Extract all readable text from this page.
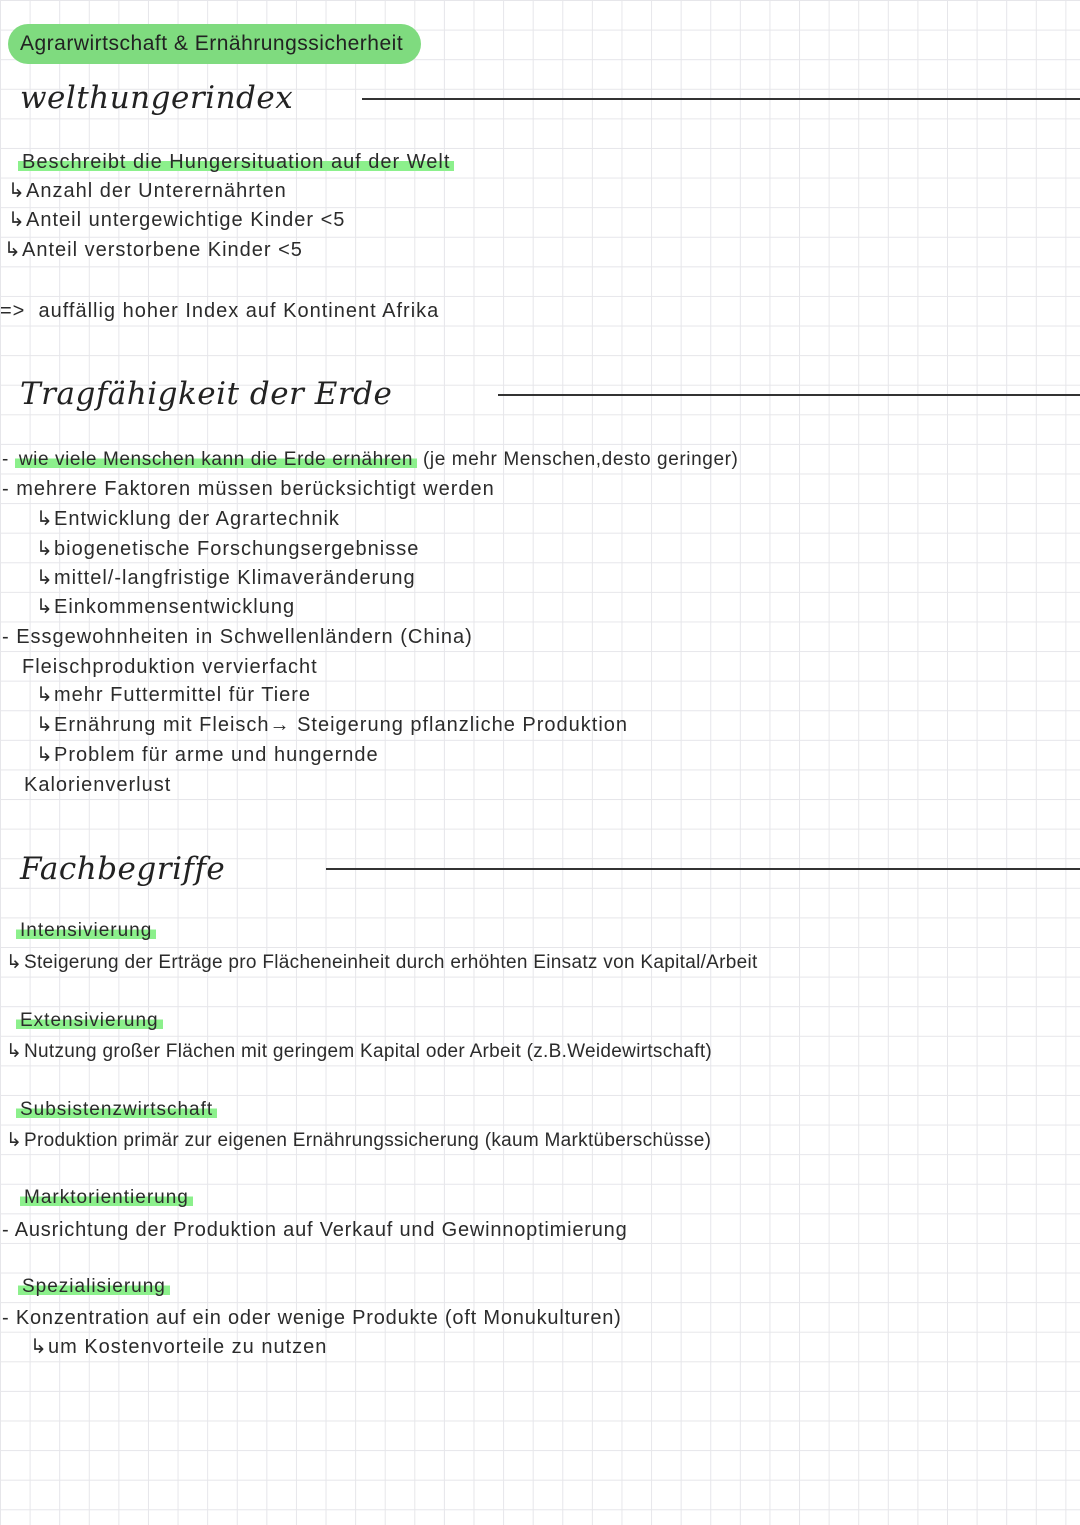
Agrarwirtschaft & Ernährungssicherheit
welthungerindex
Beschreibt die Hungersituation auf der Welt
↳Anzahl der Unterernährten
↳Anteil untergewichtige Kinder <5
↳Anteil verstorbene Kinder <5
=> auffällig hoher Index auf Kontinent Afrika
Tragfähigkeit der Erde
- wie viele Menschen kann die Erde ernähren (je mehr Menschen,desto geringer)
- mehrere Faktoren müssen berücksichtigt werden
↳Entwicklung der Agrartechnik
↳biogenetische Forschungsergebnisse
↳mittel/-langfristige Klimaveränderung
↳Einkommensentwicklung
- Essgewohnheiten in Schwellenländern (China)
Fleischproduktion vervierfacht
↳mehr Futtermittel für Tiere
↳Ernährung mit Fleisch→ Steigerung pflanzliche Produktion
↳Problem für arme und hungernde
Kalorienverlust
Fachbegriffe
Intensivierung
↳Steigerung der Erträge pro Flächeneinheit durch erhöhten Einsatz von Kapital/Arbeit
Extensivierung
↳Nutzung großer Flächen mit geringem Kapital oder Arbeit (z.B.Weidewirtschaft)
Subsistenzwirtschaft
↳Produktion primär zur eigenen Ernährungssicherung (kaum Marktüberschüsse)
Marktorientierung
- Ausrichtung der Produktion auf Verkauf und Gewinnoptimierung
Spezialisierung
- Konzentration auf ein oder wenige Produkte (oft Monukulturen)
↳um Kostenvorteile zu nutzen
